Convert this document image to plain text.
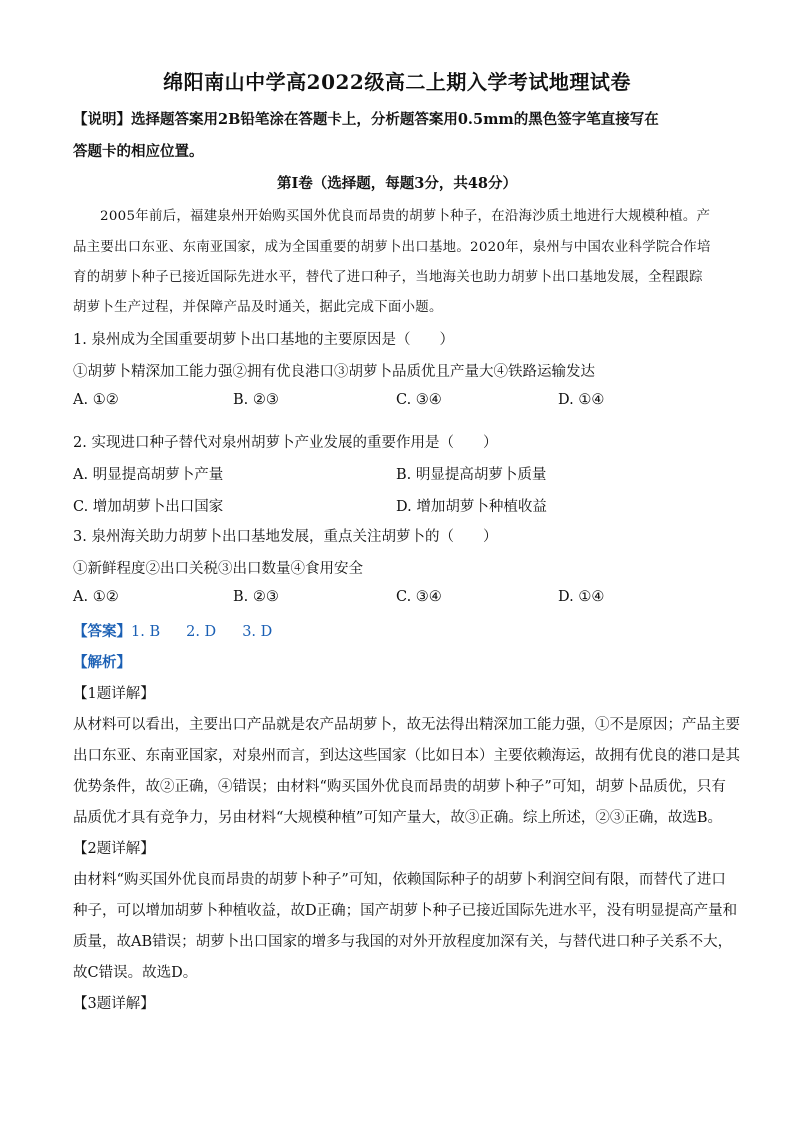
绵阳南山中学高2022级高二上期入学考试地理试卷
【说明】选择题答案用2B铅笔涂在答题卡上，分析题答案用0.5mm的黑色签字笔直接写在
答题卡的相应位置。
第Ⅰ卷（选择题，每题3分，共48分）
2005年前后，福建泉州开始购买国外优良而昂贵的胡萝卜种子，在沿海沙质土地进行大规模种植。产
品主要出口东亚、东南亚国家，成为全国重要的胡萝卜出口基地。2020年，泉州与中国农业科学院合作培
育的胡萝卜种子已接近国际先进水平，替代了进口种子，当地海关也助力胡萝卜出口基地发展，全程跟踪
胡萝卜生产过程，并保障产品及时通关，据此完成下面小题。
1. 泉州成为全国重要胡萝卜出口基地的主要原因是（　　）
①胡萝卜精深加工能力强②拥有优良港口③胡萝卜品质优且产量大④铁路运输发达
A. ①②	B. ②③	C. ③④	D. ①④
2. 实现进口种子替代对泉州胡萝卜产业发展的重要作用是（　　）
A. 明显提高胡萝卜产量	B. 明显提高胡萝卜质量
C. 增加胡萝卜出口国家	D. 增加胡萝卜种植收益
3. 泉州海关助力胡萝卜出口基地发展，重点关注胡萝卜的（　　）
①新鲜程度②出口关税③出口数量④食用安全
A. ①②	B. ②③	C. ③④	D. ①④
【答案】1. B 2. D 3. D
【解析】
【1题详解】
从材料可以看出，主要出口产品就是农产品胡萝卜，故无法得出精深加工能力强，①不是原因；产品主要
出口东亚、东南亚国家，对泉州而言，到达这些国家（比如日本）主要依赖海运，故拥有优良的港口是其
优势条件，故②正确，④错误；由材料“购买国外优良而昂贵的胡萝卜种子”可知，胡萝卜品质优，只有
品质优才具有竞争力，另由材料“大规模种植”可知产量大，故③正确。综上所述，②③正确，故选B。
【2题详解】
由材料“购买国外优良而昂贵的胡萝卜种子”可知，依赖国际种子的胡萝卜利润空间有限，而替代了进口
种子，可以增加胡萝卜种植收益，故D正确；国产胡萝卜种子已接近国际先进水平，没有明显提高产量和
质量，故AB错误；胡萝卜出口国家的增多与我国的对外开放程度加深有关，与替代进口种子关系不大，
故C错误。故选D。
【3题详解】
